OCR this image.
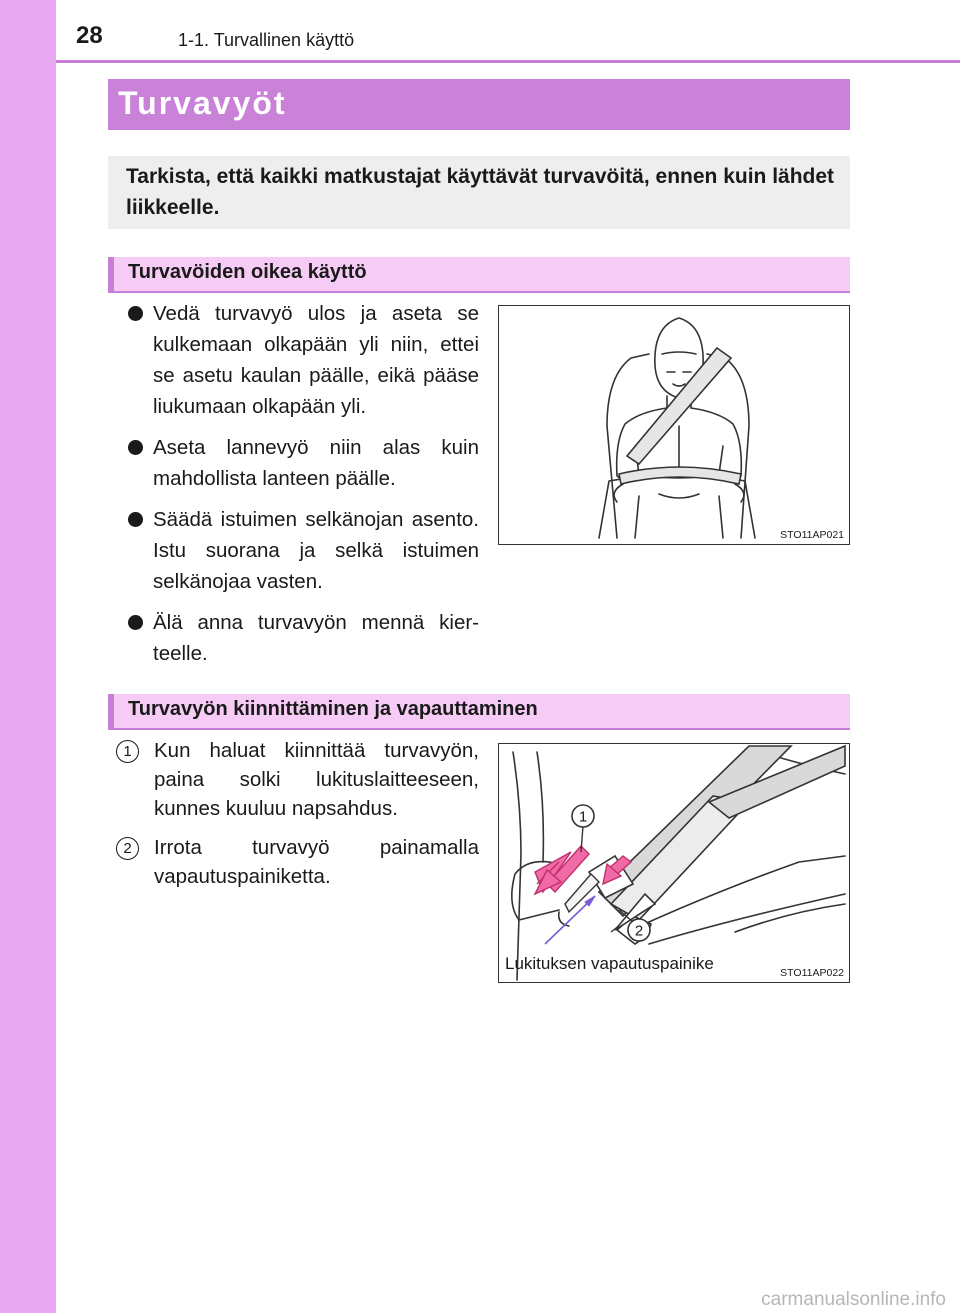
28	1-1. Turvallinen käyttö
Turvavyöt
Tarkista, että kaikki matkustajat käyttävät turvavöitä, ennen kuin lähdet liikkeelle.
Turvavöiden oikea käyttö
Vedä turvavyö ulos ja aseta se kulkemaan olkapään yli niin, ettei se asetu kaulan päälle, eikä pääse liukumaan olkapään yli.
Aseta lannevyö niin alas kuin mahdollista lanteen päälle.
Säädä istuimen selkänojan asento. Istu suorana ja selkä istuimen selkänojaa vasten.
Älä anna turvavyön mennä kier-teelle.
STO11AP021
Turvavyön kiinnittäminen ja vapauttaminen
1	Kun haluat kiinnittää turvavyön, paina solki lukituslaitteeseen, kunnes kuuluu napsahdus.
2	Irrota turvavyö painamalla vapautuspainiketta.
1
2
Lukituksen vapautuspainike	STO11AP022
carmanualsonline.info
